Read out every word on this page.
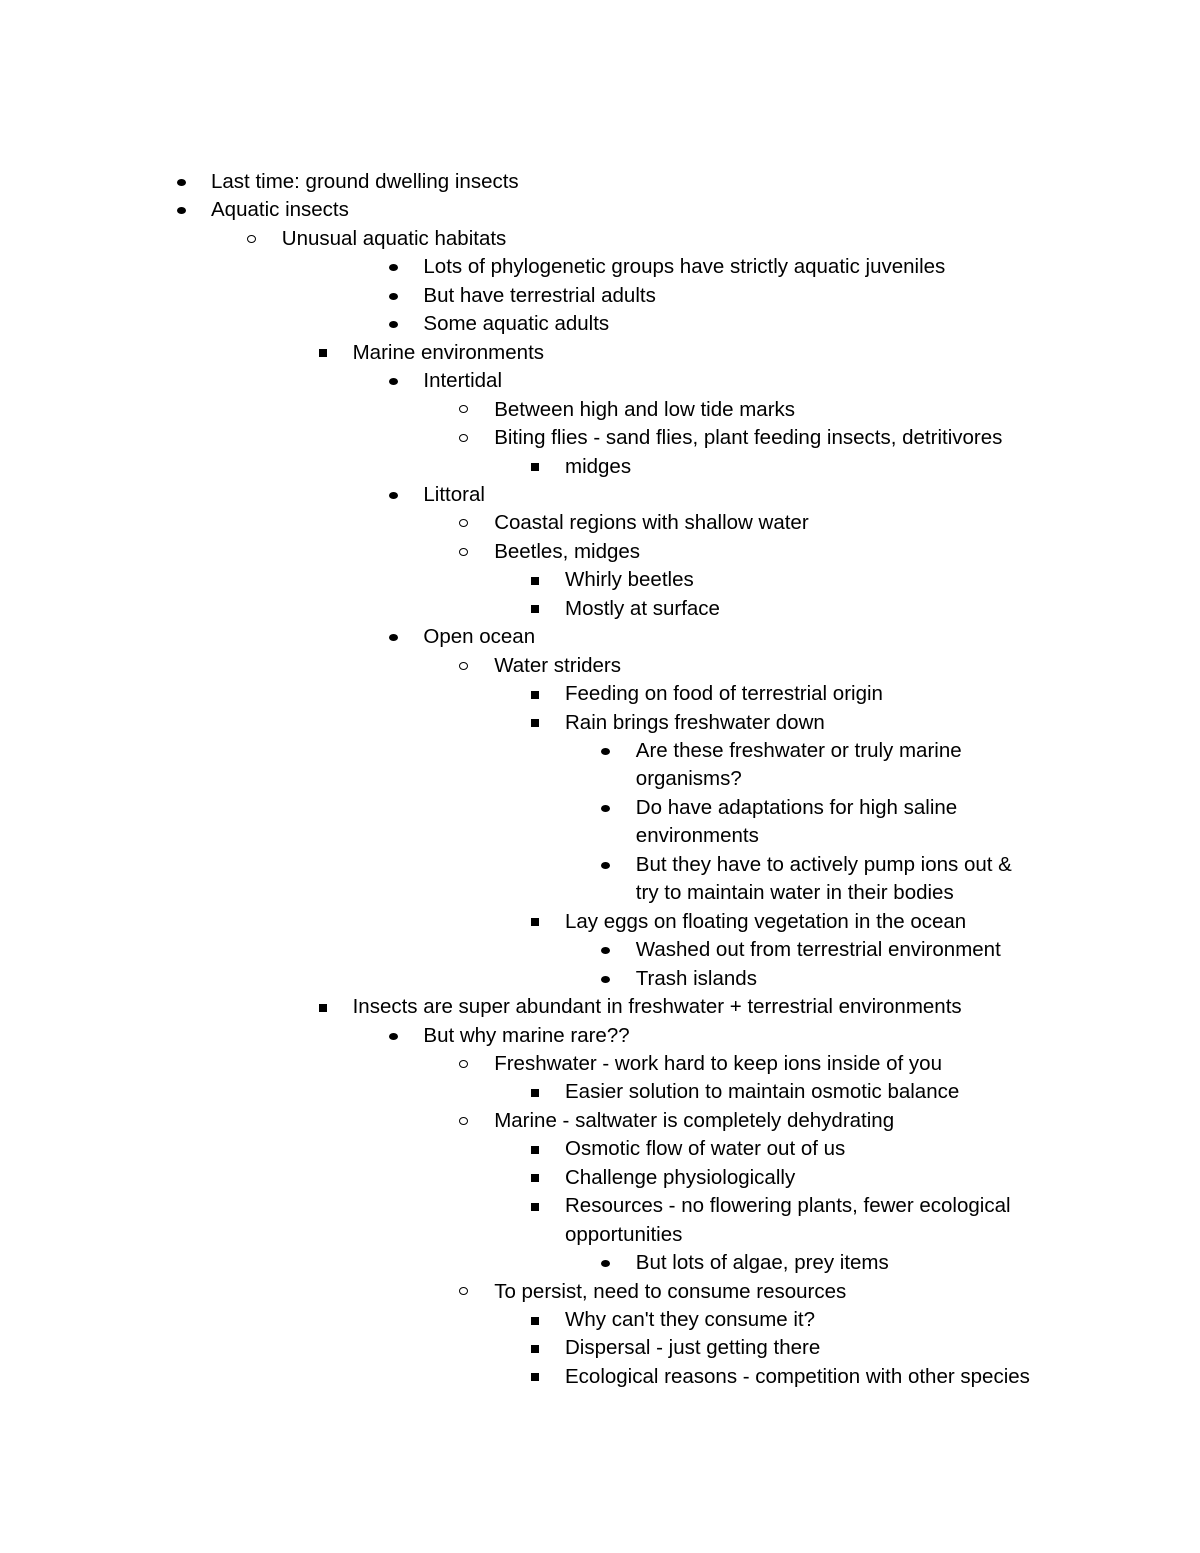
Last time: ground dwelling insects
Aquatic insects
Unusual aquatic habitats
Lots of phylogenetic groups have strictly aquatic juveniles
But have terrestrial adults
Some aquatic adults
Marine environments
Intertidal
Between high and low tide marks
Biting flies - sand flies, plant feeding insects, detritivores
midges
Littoral
Coastal regions with shallow water
Beetles, midges
Whirly beetles
Mostly at surface
Open ocean
Water striders
Feeding on food of terrestrial origin
Rain brings freshwater down
Are these freshwater or truly marine
organisms?
Do have adaptations for high saline
environments
But they have to actively pump ions out &
try to maintain water in their bodies
Lay eggs on floating vegetation in the ocean
Washed out from terrestrial environment
Trash islands
Insects are super abundant in freshwater + terrestrial environments
But why marine rare??
Freshwater - work hard to keep ions inside of you
Easier solution to maintain osmotic balance
Marine - saltwater is completely dehydrating
Osmotic flow of water out of us
Challenge physiologically
Resources - no flowering plants, fewer ecological
opportunities
But lots of algae, prey items
To persist, need to consume resources
Why can't they consume it?
Dispersal - just getting there
Ecological reasons - competition with other species
